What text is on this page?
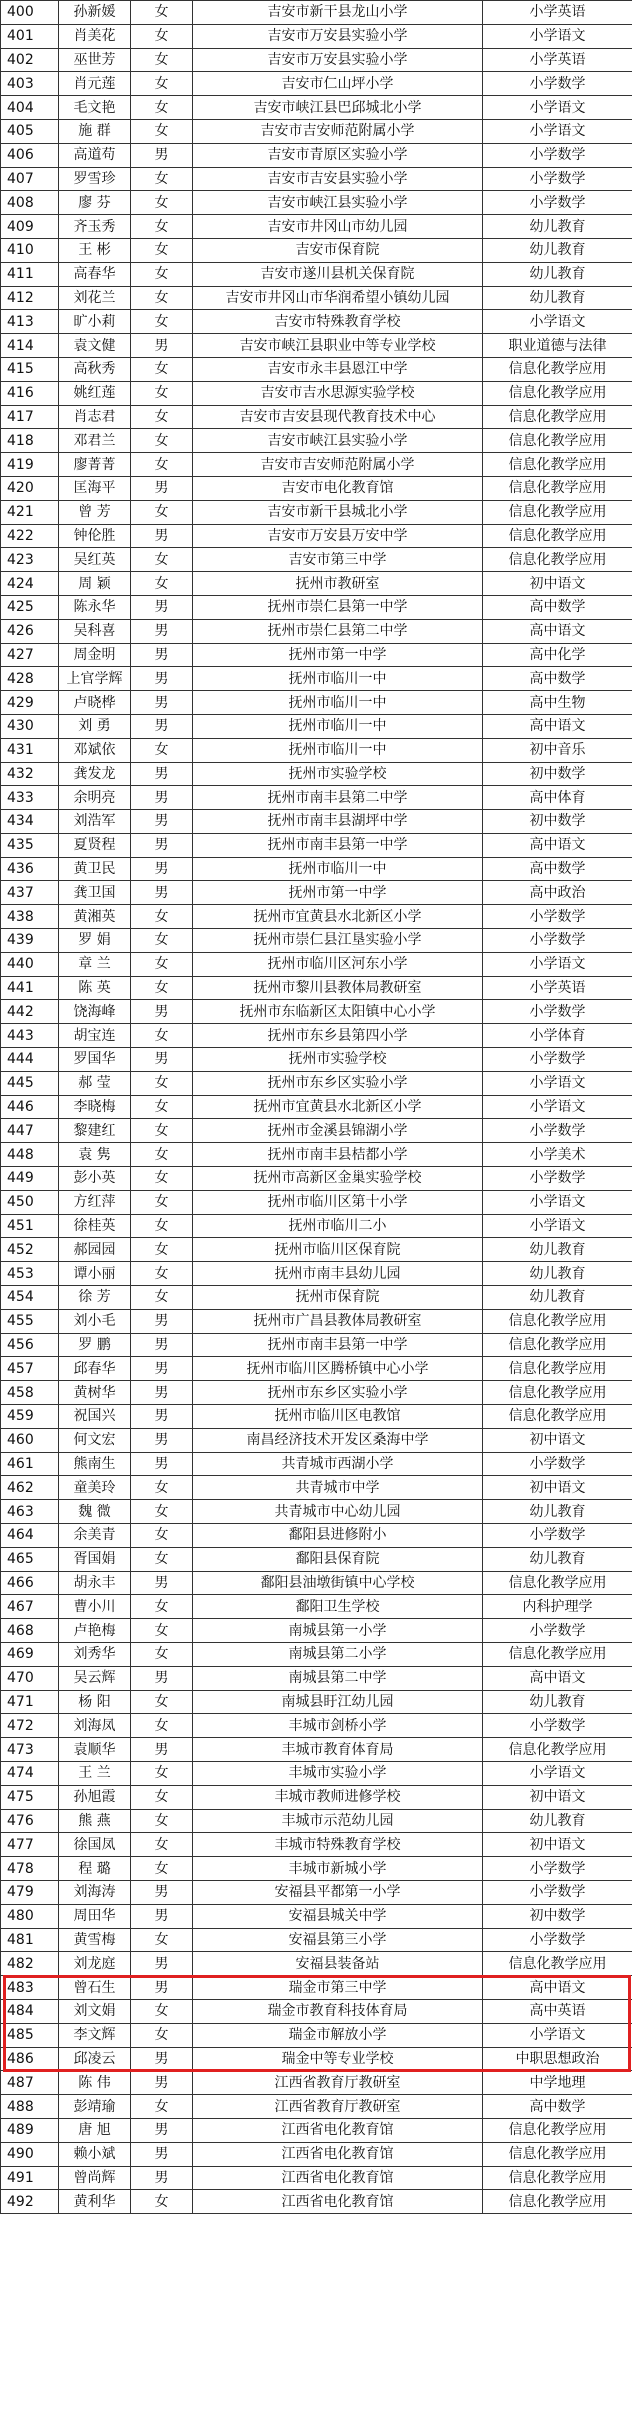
400	孙新媛	女	吉安市新干县龙山小学	小学英语
401	肖美花	女	吉安市万安县实验小学	小学语文
402	巫世芳	女	吉安市万安县实验小学	小学英语
403	肖元莲	女	吉安市仁山坪小学	小学数学
404	毛文艳	女	吉安市峡江县巴邱城北小学	小学语文
405	施 群	女	吉安市吉安师范附属小学	小学语文
406	高道苟	男	吉安市青原区实验小学	小学数学
407	罗雪珍	女	吉安市吉安县实验小学	小学数学
408	廖 芬	女	吉安市峡江县实验小学	小学数学
409	齐玉秀	女	吉安市井冈山市幼儿园	幼儿教育
410	王 彬	女	吉安市保育院	幼儿教育
411	高春华	女	吉安市遂川县机关保育院	幼儿教育
412	刘花兰	女	吉安市井冈山市华润希望小镇幼儿园	幼儿教育
413	旷小莉	女	吉安市特殊教育学校	小学语文
414	袁文健	男	吉安市峡江县职业中等专业学校	职业道德与法律
415	高秋秀	女	吉安市永丰县恩江中学	信息化教学应用
416	姚红莲	女	吉安市吉水思源实验学校	信息化教学应用
417	肖志君	女	吉安市吉安县现代教育技术中心	信息化教学应用
418	邓君兰	女	吉安市峡江县实验小学	信息化教学应用
419	廖菁菁	女	吉安市吉安师范附属小学	信息化教学应用
420	匡海平	男	吉安市电化教育馆	信息化教学应用
421	曾 芳	女	吉安市新干县城北小学	信息化教学应用
422	钟伦胜	男	吉安市万安县万安中学	信息化教学应用
423	吴红英	女	吉安市第三中学	信息化教学应用
424	周 颖	女	抚州市教研室	初中语文
425	陈永华	男	抚州市崇仁县第一中学	高中数学
426	吴科喜	男	抚州市崇仁县第二中学	高中语文
427	周金明	男	抚州市第一中学	高中化学
428	上官学辉	男	抚州市临川一中	高中数学
429	卢晓桦	男	抚州市临川一中	高中生物
430	刘 勇	男	抚州市临川一中	高中语文
431	邓斌依	女	抚州市临川一中	初中音乐
432	龚发龙	男	抚州市实验学校	初中数学
433	余明亮	男	抚州市南丰县第二中学	高中体育
434	刘浩军	男	抚州市南丰县湖坪中学	初中数学
435	夏贤程	男	抚州市南丰县第一中学	高中语文
436	黄卫民	男	抚州市临川一中	高中数学
437	龚卫国	男	抚州市第一中学	高中政治
438	黄湘英	女	抚州市宜黄县水北新区小学	小学数学
439	罗 娟	女	抚州市崇仁县江垦实验小学	小学数学
440	章 兰	女	抚州市临川区河东小学	小学语文
441	陈 英	女	抚州市黎川县教体局教研室	小学英语
442	饶海峰	男	抚州市东临新区太阳镇中心小学	小学数学
443	胡宝连	女	抚州市东乡县第四小学	小学体育
444	罗国华	男	抚州市实验学校	小学数学
445	郝 莹	女	抚州市东乡区实验小学	小学语文
446	李晓梅	女	抚州市宜黄县水北新区小学	小学语文
447	黎建红	女	抚州市金溪县锦湖小学	小学数学
448	袁 隽	女	抚州市南丰县桔都小学	小学美术
449	彭小英	女	抚州市高新区金巢实验学校	小学数学
450	方红萍	女	抚州市临川区第十小学	小学语文
451	徐桂英	女	抚州市临川二小	小学语文
452	郝园园	女	抚州市临川区保育院	幼儿教育
453	谭小丽	女	抚州市南丰县幼儿园	幼儿教育
454	徐 芳	女	抚州市保育院	幼儿教育
455	刘小毛	男	抚州市广昌县教体局教研室	信息化教学应用
456	罗 鹏	男	抚州市南丰县第一中学	信息化教学应用
457	邱春华	男	抚州市临川区腾桥镇中心小学	信息化教学应用
458	黄树华	男	抚州市东乡区实验小学	信息化教学应用
459	祝国兴	男	抚州市临川区电教馆	信息化教学应用
460	何文宏	男	南昌经济技术开发区桑海中学	初中语文
461	熊南生	男	共青城市西湖小学	小学数学
462	童美玲	女	共青城市中学	初中语文
463	魏 微	女	共青城市中心幼儿园	幼儿教育
464	余美青	女	鄱阳县进修附小	小学数学
465	胥国娟	女	鄱阳县保育院	幼儿教育
466	胡永丰	男	鄱阳县油墩街镇中心学校	信息化教学应用
467	曹小川	女	鄱阳卫生学校	内科护理学
468	卢艳梅	女	南城县第一小学	小学数学
469	刘秀华	女	南城县第二小学	信息化教学应用
470	吴云辉	男	南城县第二中学	高中语文
471	杨 阳	女	南城县盱江幼儿园	幼儿教育
472	刘海凤	女	丰城市剑桥小学	小学数学
473	袁顺华	男	丰城市教育体育局	信息化教学应用
474	王 兰	女	丰城市实验小学	小学语文
475	孙旭霞	女	丰城市教师进修学校	初中语文
476	熊 燕	女	丰城市示范幼儿园	幼儿教育
477	徐国凤	女	丰城市特殊教育学校	初中语文
478	程 璐	女	丰城市新城小学	小学数学
479	刘海涛	男	安福县平都第一小学	小学数学
480	周田华	男	安福县城关中学	初中数学
481	黄雪梅	女	安福县第三小学	小学数学
482	刘龙庭	男	安福县装备站	信息化教学应用
483	曾石生	男	瑞金市第三中学	高中语文
484	刘文娟	女	瑞金市教育科技体育局	高中英语
485	李文辉	女	瑞金市解放小学	小学语文
486	邱凌云	男	瑞金中等专业学校	中职思想政治
487	陈 伟	男	江西省教育厅教研室	中学地理
488	彭靖瑜	女	江西省教育厅教研室	高中数学
489	唐 旭	男	江西省电化教育馆	信息化教学应用
490	赖小斌	男	江西省电化教育馆	信息化教学应用
491	曾尚辉	男	江西省电化教育馆	信息化教学应用
492	黄利华	女	江西省电化教育馆	信息化教学应用
